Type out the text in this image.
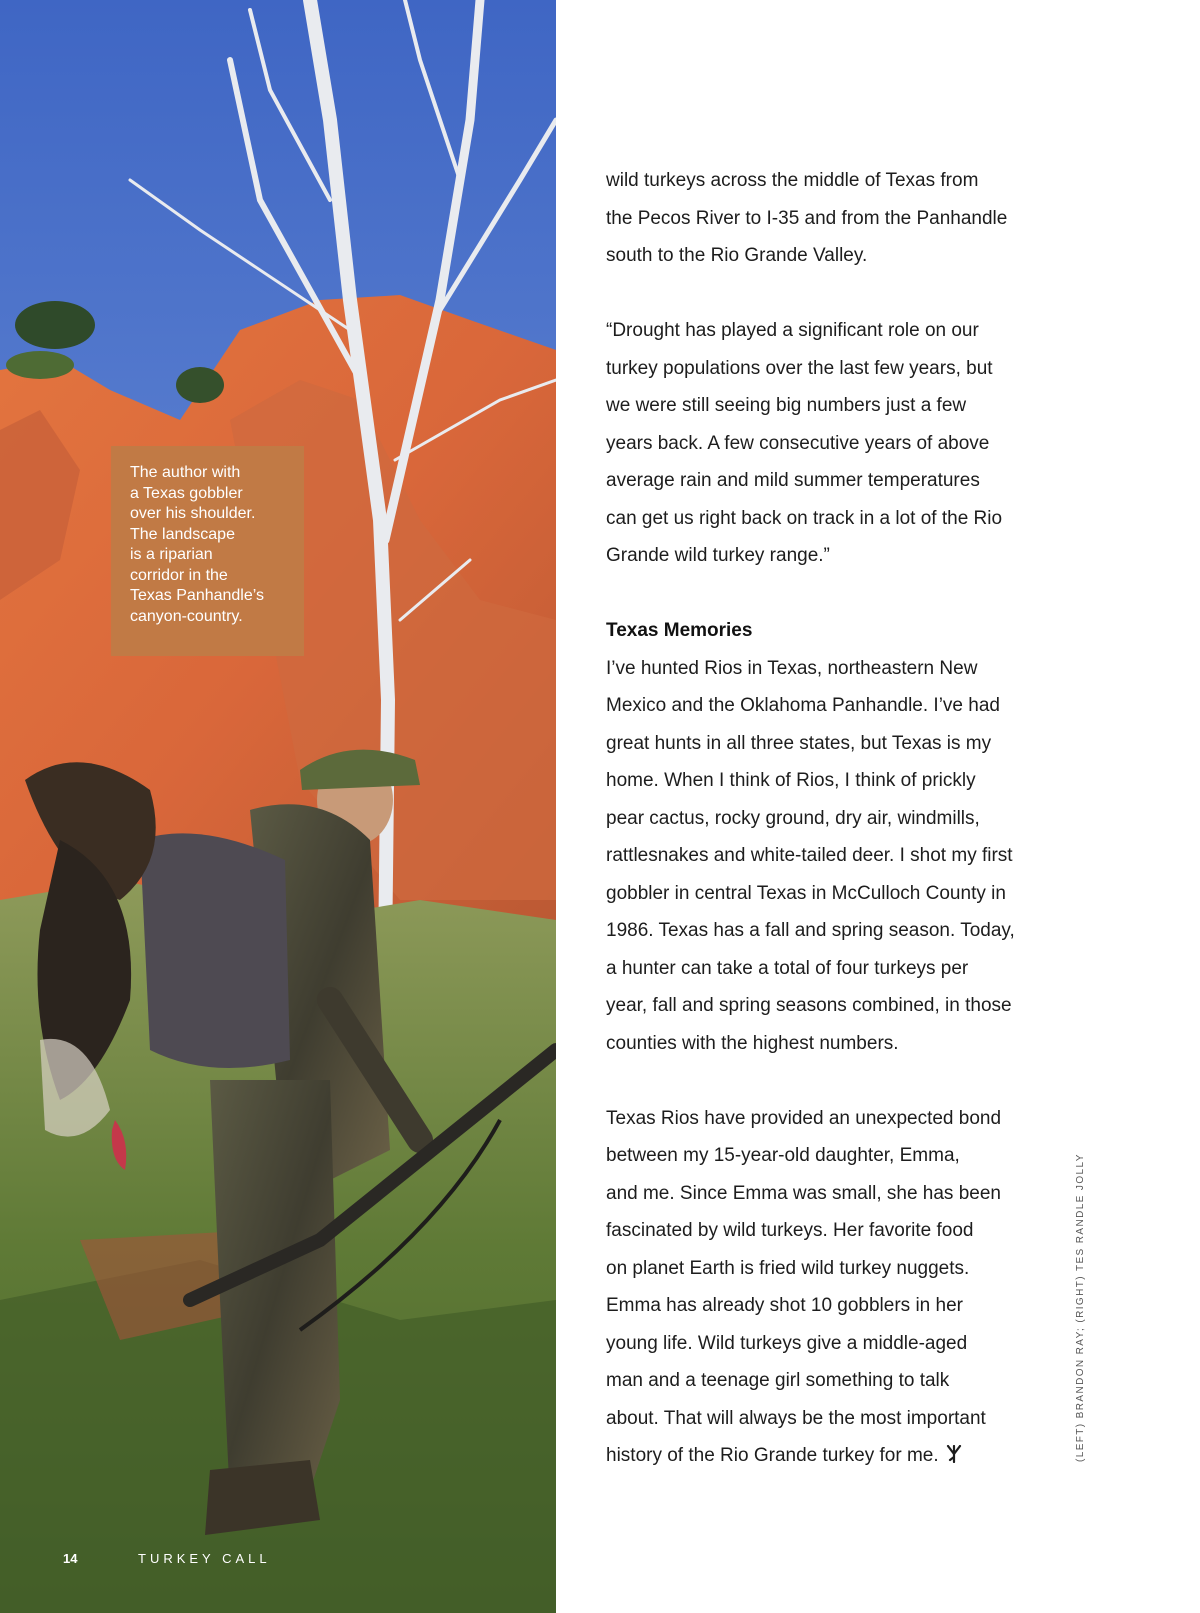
The author with
a Texas gobbler
over his shoulder.
The landscape
is a riparian
corridor in the
Texas Panhandle’s
canyon-country.
14	TURKEY CALL

wild turkeys across the middle of Texas from
the Pecos River to I-35 and from the Panhandle
south to the Rio Grande Valley.

“Drought has played a significant role on our
turkey populations over the last few years, but
we were still seeing big numbers just a few
years back. A few consecutive years of above
average rain and mild summer temperatures
can get us right back on track in a lot of the Rio
Grande wild turkey range.”

Texas Memories

I’ve hunted Rios in Texas, northeastern New
Mexico and the Oklahoma Panhandle. I’ve had
great hunts in all three states, but Texas is my
home. When I think of Rios, I think of prickly
pear cactus, rocky ground, dry air, windmills,
rattlesnakes and white-tailed deer. I shot my first
gobbler in central Texas in McCulloch County in
1986. Texas has a fall and spring season. Today,
a hunter can take a total of four turkeys per
year, fall and spring seasons combined, in those
counties with the highest numbers.

Texas Rios have provided an unexpected bond
between my 15-year-old daughter, Emma,
and me. Since Emma was small, she has been
fascinated by wild turkeys. Her favorite food
on planet Earth is fried wild turkey nuggets.
Emma has already shot 10 gobblers in her
young life. Wild turkeys give a middle-aged
man and a teenage girl something to talk
about. That will always be the most important
history of the Rio Grande turkey for me.	(LEFT) BRANDON RAY; (RIGHT) TES RANDLE JOLLY
